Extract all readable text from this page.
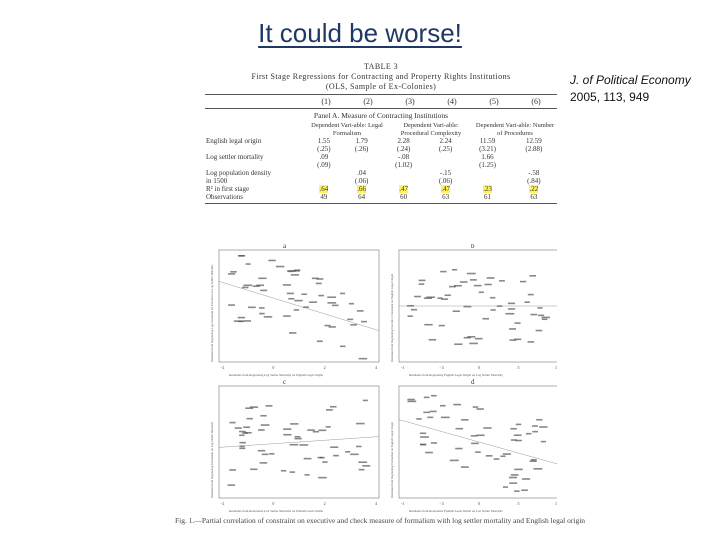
It could be worse!
J. of Political Economy
2005, 113, 949
TABLE 3
First Stage Regressions for Contracting and Property Rights Institutions
(OLS, Sample of Ex-Colonies)
(1)	(2)	(3)	(4)	(5)	(6)
Panel A. Measure of Contracting Institutions
Dependent Vari-able: Legal Formalism
Dependent Vari-able: Procedural Complexity
Dependent Vari-able: Number of Procedures
English legal origin	1.55	1.79	2.28	2.24	11.59	12.59
	(.25)	(.26)	(.24)	(.25)	(3.21)	(2.88)
Log settler mortality	.09		-.08		1.66	
	(.09)		(1.02)		(1.25)	
Log population density		.04		-.15		-.58
in 1500		(.06)		(.06)		(.84)
R² in first stage	.64	.66	.47	.47	.23	.22
Observations	49	64	60	63	61	63
a
Residuals from Regressing Log Constraint on Executive on Log Settler Mortality
Residuals from Regressing Log Settler Mortality on English Legal Origin
-2	0	2	4
b
Residuals from Regressing Executive Constraint on English Legal Origin
Residuals from Regressing English Legal Origin on Log Settler Mortality
-1	-.5	0	.5	1
c
Residuals from Regressing Formalism on Log Settler Mortality
Residuals from Regressing Log Settler Mortality on English Legal Origin
-2	0	2	4
d
Residuals from Regressing Formalism on English Legal Origin
Residuals from Regressing English Legal Origin on Log Settler Mortality
-1	-.5	0	.5	1
Fig. 1.—Partial correlation of constraint on executive and check measure of formalism with log settler mortality and English legal origin
